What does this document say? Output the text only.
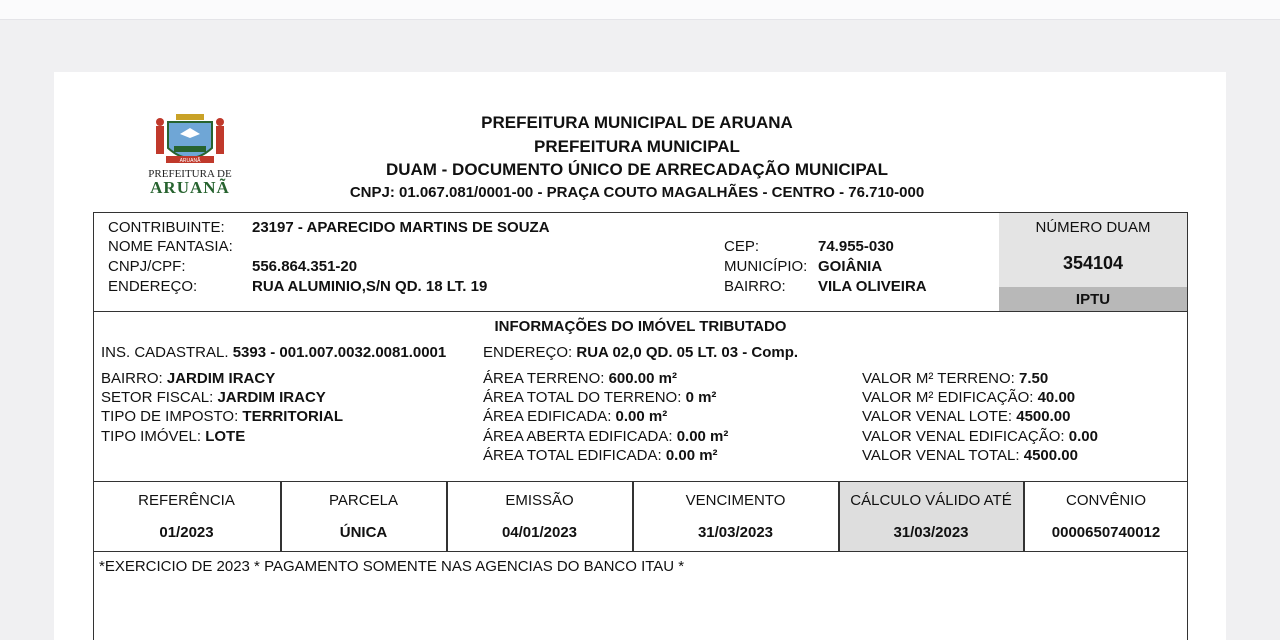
ARUANÃ
PREFEITURA DE
ARUANÃ
PREFEITURA MUNICIPAL DE ARUANA
PREFEITURA MUNICIPAL
DUAM - DOCUMENTO ÚNICO DE ARRECADAÇÃO MUNICIPAL
CNPJ: 01.067.081/0001-00 - PRAÇA COUTO MAGALHÃES - CENTRO - 76.710-000
CONTRIBUINTE: 23197 - APARECIDO MARTINS DE SOUZA
NOME FANTASIA:
CNPJ/CPF:	556.864.351-20
ENDEREÇO:	RUA ALUMINIO,S/N QD. 18 LT. 19
CEP:	74.955-030
MUNICÍPIO: GOIÂNIA
BAIRRO: VILA OLIVEIRA
NÚMERO DUAM
354104
IPTU
INFORMAÇÕES DO IMÓVEL TRIBUTADO
INS. CADASTRAL. 5393 - 001.007.0032.0081.0001 ENDEREÇO: RUA 02,0 QD. 05 LT. 03 - Comp.
BAIRRO: JARDIM IRACY
SETOR FISCAL: JARDIM IRACY
TIPO DE IMPOSTO: TERRITORIAL
TIPO IMÓVEL: LOTE
ÁREA TERRENO: 600.00 m²
ÁREA TOTAL DO TERRENO: 0 m²
ÁREA EDIFICADA: 0.00 m²
ÁREA ABERTA EDIFICADA: 0.00 m²
ÁREA TOTAL EDIFICADA: 0.00 m²
VALOR M² TERRENO: 7.50
VALOR M² EDIFICAÇÃO: 40.00
VALOR VENAL LOTE: 4500.00
VALOR VENAL EDIFICAÇÃO: 0.00
VALOR VENAL TOTAL: 4500.00
REFERÊNCIA
01/2023
PARCELA
ÚNICA
EMISSÃO
04/01/2023
VENCIMENTO
31/03/2023
CÁLCULO VÁLIDO ATÉ
31/03/2023
CONVÊNIO
0000650740012
*EXERCICIO DE 2023 * PAGAMENTO SOMENTE NAS AGENCIAS DO BANCO ITAU *
